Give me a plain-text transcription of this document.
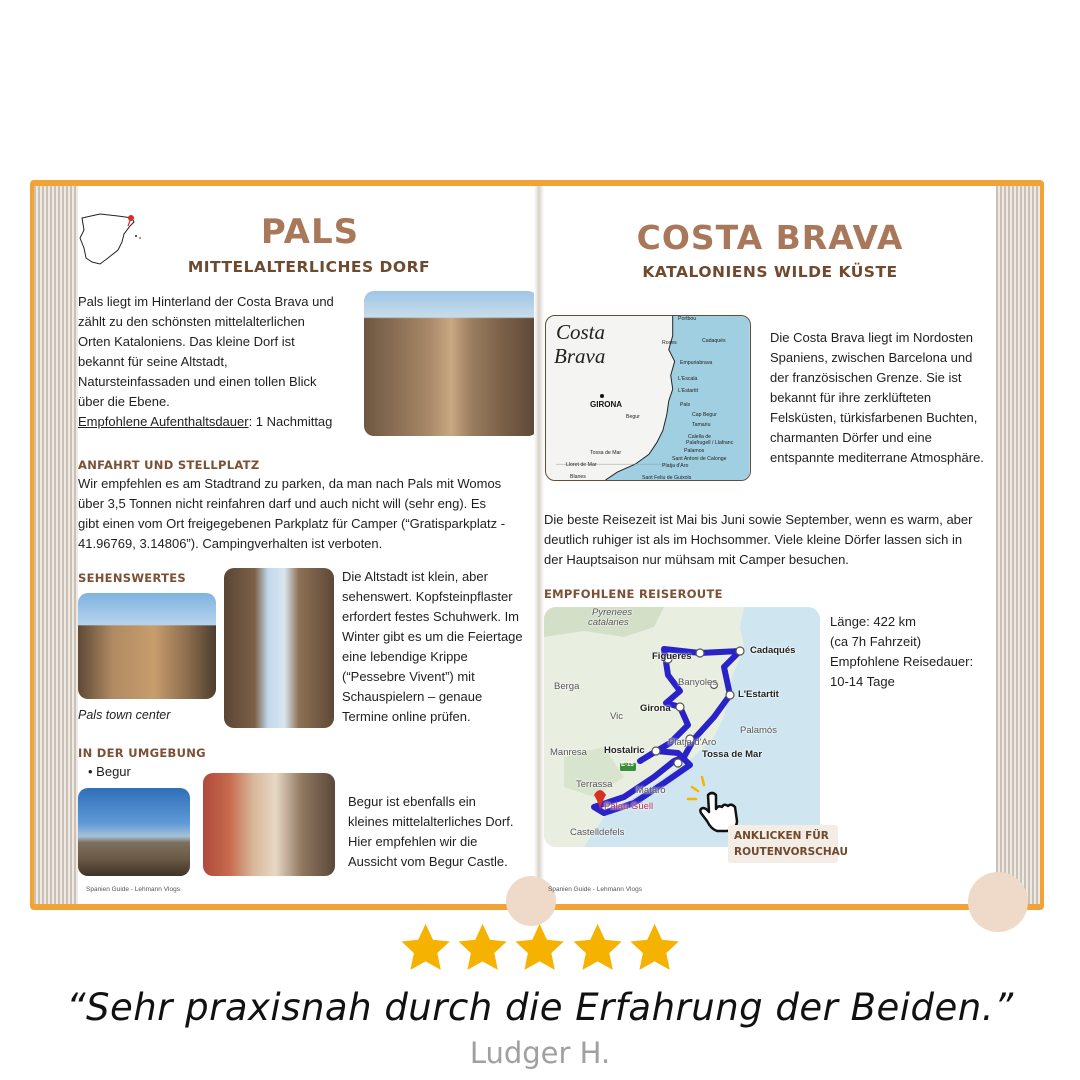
PALS
MITTELALTERLICHES DORF
Pals liegt im Hinterland der Costa Brava und
zählt zu den schönsten mittelalterlichen
Orten Kataloniens. Das kleine Dorf ist
bekannt für seine Altstadt,
Natursteinfassaden und einen tollen Blick
über die Ebene.
Empfohlene Aufenthaltsdauer: 1 Nachmittag
ANFAHRT UND STELLPLATZ
Wir empfehlen es am Stadtrand zu parken, da man nach Pals mit Womos
über 3,5 Tonnen nicht reinfahren darf und auch nicht will (sehr eng). Es
gibt einen vom Ort freigegebenen Parkplatz für Camper (“Gratisparkplatz -
41.96769, 3.14806”). Campingverhalten ist verboten.
SEHENSWERTES
Pals town center
Die Altstadt ist klein, aber
sehenswert. Kopfsteinpflaster
erfordert festes Schuhwerk. Im
Winter gibt es um die Feiertage
eine lebendige Krippe
(“Pessebre Vivent”) mit
Schauspielern – genaue
Termine online prüfen.
IN DER UMGEBUNG
• Begur
Begur ist ebenfalls ein
kleines mittelalterliches Dorf.
Hier empfehlen wir die
Aussicht vom Begur Castle.
Spanien Guide - Lehmann Vlogs
COSTA BRAVA
KATALONIENS WILDE KÜSTE
Costa
Brava
GIRONA
Portbou
Cadaqués
Roses
Empuriabrava
L'Escala
L'Estartit
Pals
Begur	Cap Begur
Tamariu
Calella de
Palafrugell / Llafranc
Palamos
Sant Antoni de Calonge
Platja d'Aro
Tossa de Mar
Lloret de Mar
Blanes	Sant Feliu de Guixols
Die Costa Brava liegt im Nordosten
Spaniens, zwischen Barcelona und
der französischen Grenze. Sie ist
bekannt für ihre zerklüfteten
Felsküsten, türkisfarbenen Buchten,
charmanten Dörfer und eine
entspannte mediterrane Atmosphäre.
Die beste Reisezeit ist Mai bis Juni sowie September, wenn es warm, aber
deutlich ruhiger ist als im Hochsommer. Viele kleine Dörfer lassen sich in
der Hauptsaison nur mühsam mit Camper besuchen.
EMPFOHLENE REISEROUTE
Pyrenees
catalanes
Figueres
Cadaqués
Banyoles
Berga
L'Estartit
Girona
Vic
Palamós
Platja d'Aro
Manresa Hostalric	Tossa de Mar
E-15
Terrassa
Mataró
Palau Güell
Castelldefels
Länge: 422 km
(ca 7h Fahrzeit)
Empfohlene Reisedauer:
10-14 Tage
ANKLICKEN FÜR
ROUTENVORSCHAU
Spanien Guide - Lehmann Vlogs
“Sehr praxisnah durch die Erfahrung der Beiden.”
Ludger H.
